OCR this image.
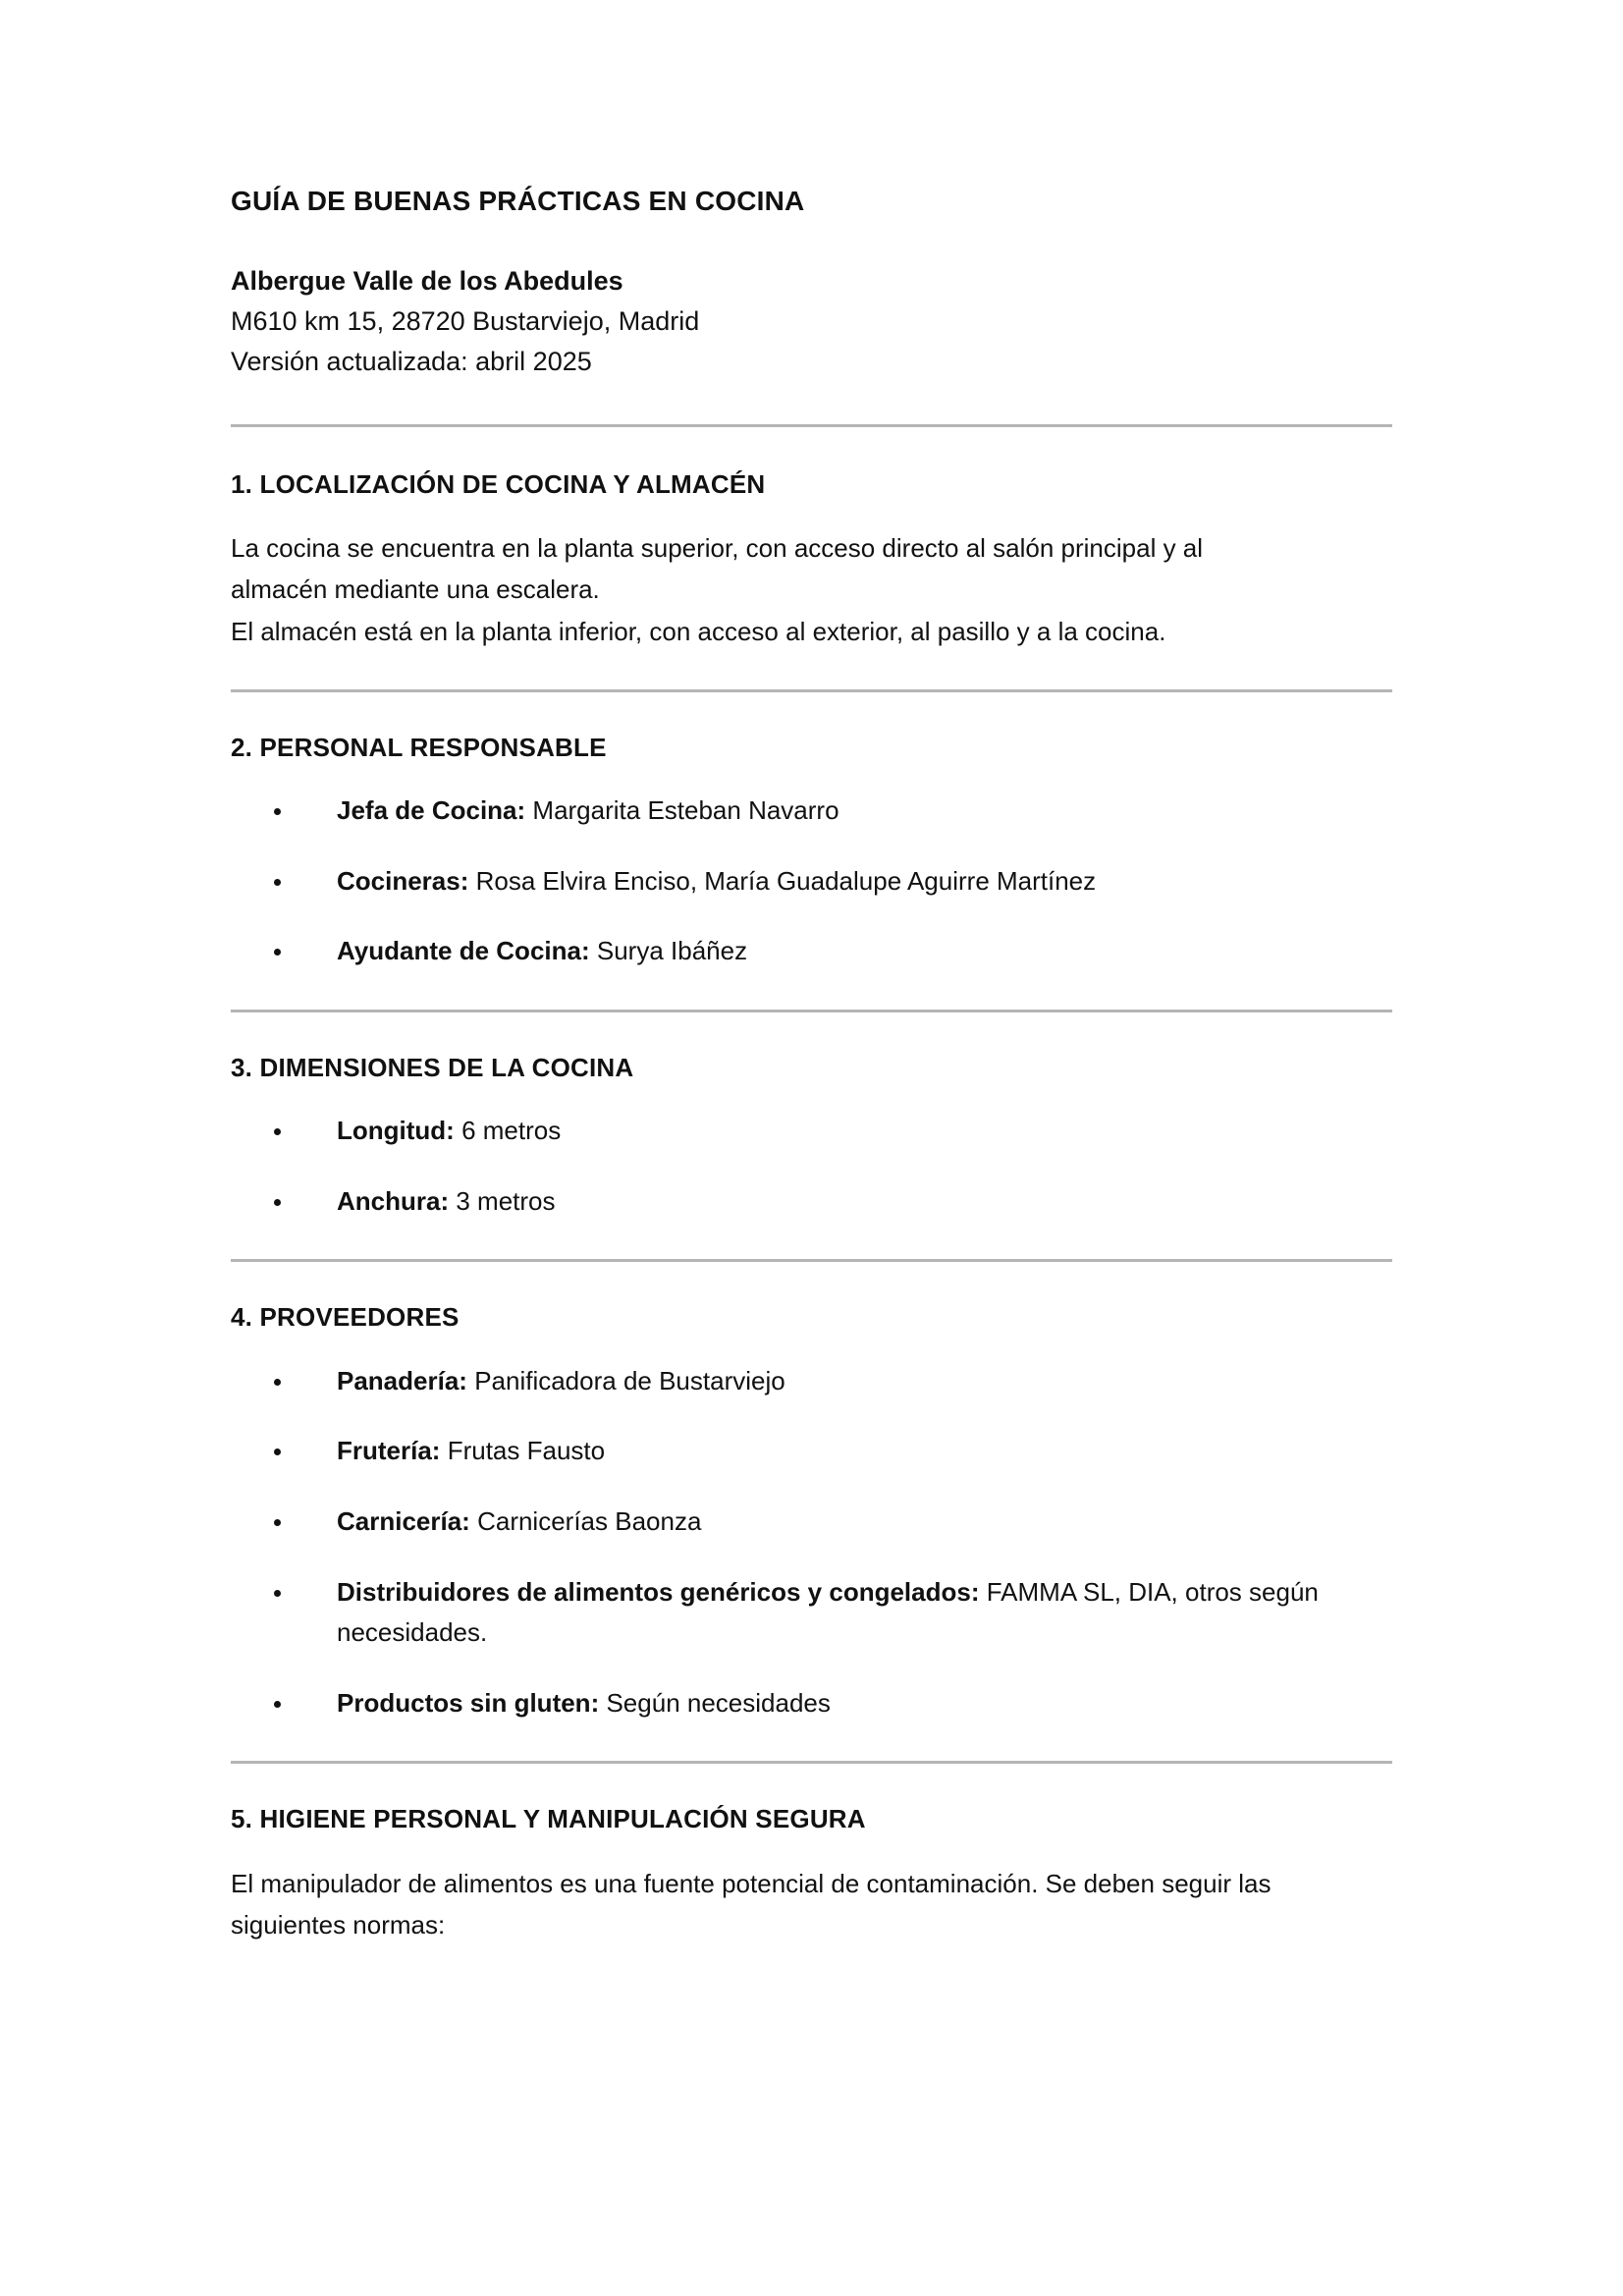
GUÍA DE BUENAS PRÁCTICAS EN COCINA

Albergue Valle de los Abedules

M610 km 15, 28720 Bustarviejo, Madrid

Versión actualizada: abril 2025

1. LOCALIZACIÓN DE COCINA Y ALMACÉN

La cocina se encuentra en la planta superior, con acceso directo al salón principal y al almacén mediante una escalera.

El almacén está en la planta inferior, con acceso al exterior, al pasillo y a la cocina.

2. PERSONAL RESPONSABLE
Jefa de Cocina: Margarita Esteban Navarro
Cocineras: Rosa Elvira Enciso, María Guadalupe Aguirre Martínez
Ayudante de Cocina: Surya Ibáñez
3. DIMENSIONES DE LA COCINA
Longitud: 6 metros
Anchura: 3 metros
4. PROVEEDORES
Panadería: Panificadora de Bustarviejo
Frutería: Frutas Fausto
Carnicería: Carnicerías Baonza
Distribuidores de alimentos genéricos y congelados: FAMMA SL, DIA, otros según necesidades.
Productos sin gluten: Según necesidades
5. HIGIENE PERSONAL Y MANIPULACIÓN SEGURA

El manipulador de alimentos es una fuente potencial de contaminación. Se deben seguir las siguientes normas:
